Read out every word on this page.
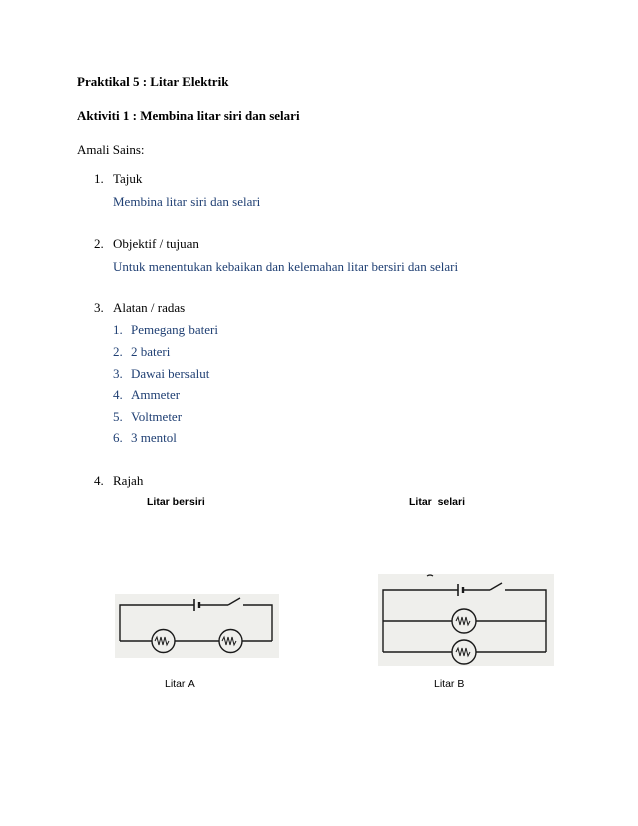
Praktikal 5 : Litar Elektrik
Aktiviti 1 : Membina litar siri dan selari
Amali Sains:
1. Tajuk
Membina litar siri dan selari
2. Objektif / tujuan
Untuk menentukan kebaikan dan kelemahan litar bersiri dan selari
3. Alatan / radas
1. Pemegang bateri
2. 2 bateri
3. Dawai bersalut
4. Ammeter
5. Voltmeter
6. 3 mentol
4. Rajah
Litar bersiri	Litar  selari
Litar A	Litar B
